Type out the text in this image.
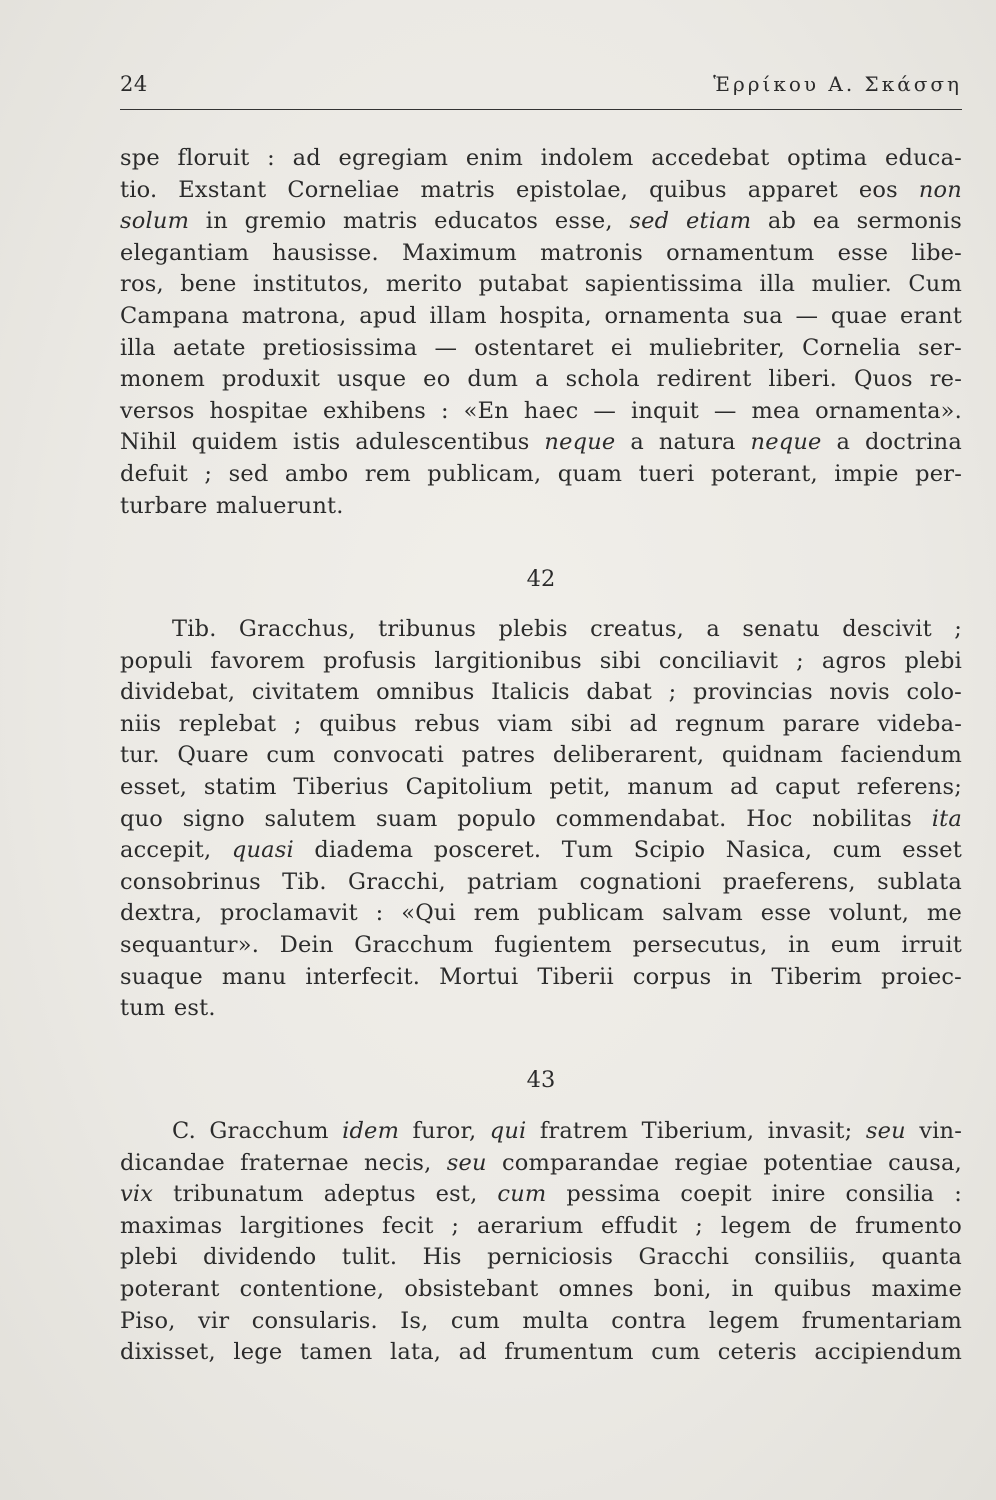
24	Ἑρρίκου Α. Σκάσση
spe floruit : ad egregiam enim indolem accedebat optima educa-
tio. Exstant Corneliae matris epistolae, quibus apparet eos non
solum in gremio matris educatos esse, sed etiam ab ea sermonis
elegantiam hausisse. Maximum matronis ornamentum esse libe-
ros, bene institutos, merito putabat sapientissima illa mulier. Cum
Campana matrona, apud illam hospita, ornamenta sua — quae erant
illa aetate pretiosissima — ostentaret ei muliebriter, Cornelia ser-
monem produxit usque eo dum a schola redirent liberi. Quos re-
versos hospitae exhibens : «En haec — inquit — mea ornamenta».
Nihil quidem istis adulescentibus neque a natura neque a doctrina
defuit ; sed ambo rem publicam, quam tueri poterant, impie per-
turbare maluerunt.
42
Tib. Gracchus, tribunus plebis creatus, a senatu descivit ;
populi favorem profusis largitionibus sibi conciliavit ; agros plebi
dividebat, civitatem omnibus Italicis dabat ; provincias novis colo-
niis replebat ; quibus rebus viam sibi ad regnum parare videba-
tur. Quare cum convocati patres deliberarent, quidnam faciendum
esset, statim Tiberius Capitolium petit, manum ad caput referens;
quo signo salutem suam populo commendabat. Hoc nobilitas ita
accepit, quasi diadema posceret. Tum Scipio Nasica, cum esset
consobrinus Tib. Gracchi, patriam cognationi praeferens, sublata
dextra, proclamavit : «Qui rem publicam salvam esse volunt, me
sequantur». Dein Gracchum fugientem persecutus, in eum irruit
suaque manu interfecit. Mortui Tiberii corpus in Tiberim proiec-
tum est.
43
C. Gracchum idem furor, qui fratrem Tiberium, invasit; seu vin-
dicandae fraternae necis, seu comparandae regiae potentiae causa,
vix tribunatum adeptus est, cum pessima coepit inire consilia :
maximas largitiones fecit ; aerarium effudit ; legem de frumento
plebi dividendo tulit. His perniciosis Gracchi consiliis, quanta
poterant contentione, obsistebant omnes boni, in quibus maxime
Piso, vir consularis. Is, cum multa contra legem frumentariam
dixisset, lege tamen lata, ad frumentum cum ceteris accipiendum
